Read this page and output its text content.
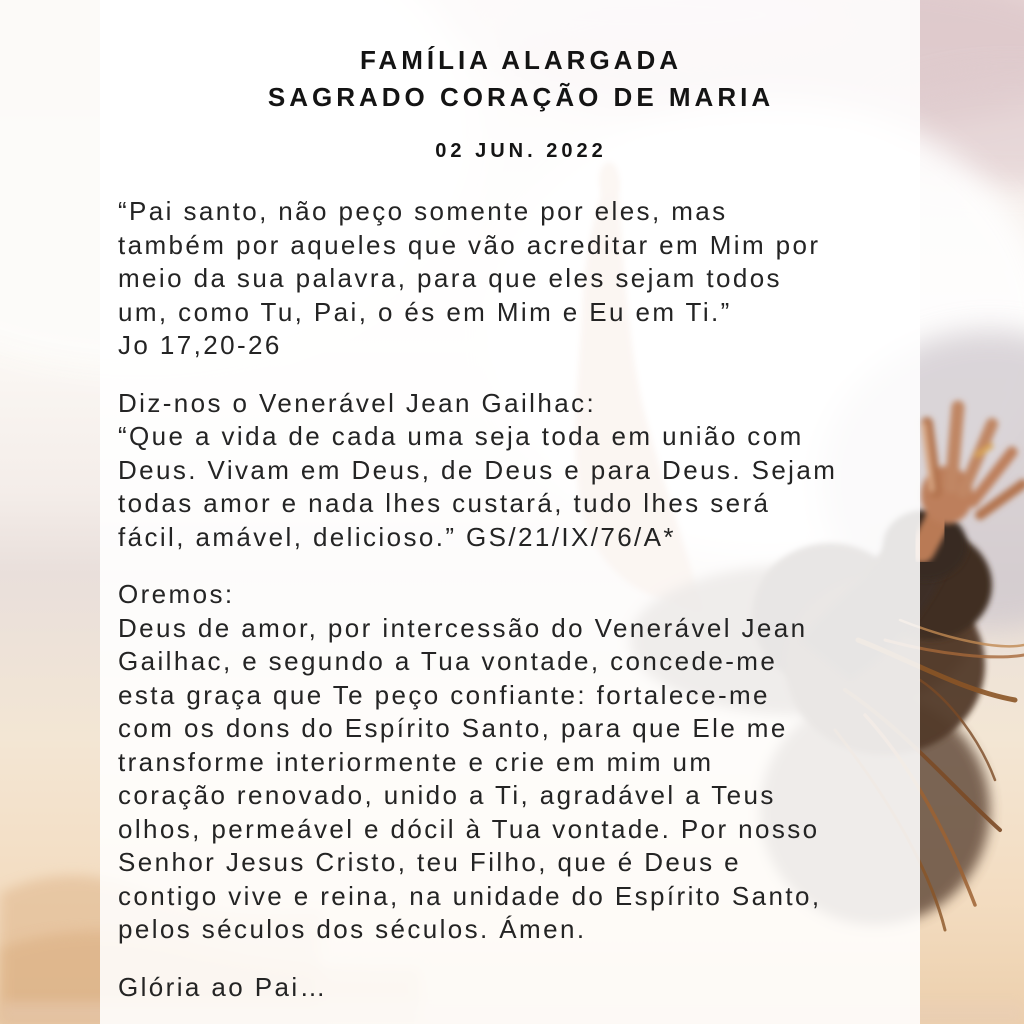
FAMÍLIA ALARGADA
SAGRADO CORAÇÃO DE MARIA
02 JUN. 2022
“Pai santo, não peço somente por eles, mas
também por aqueles que vão acreditar em Mim por
meio da sua palavra, para que eles sejam todos
um, como Tu, Pai, o és em Mim e Eu em Ti.”
Jo 17,20-26
Diz-nos o Venerável Jean Gailhac:
“Que a vida de cada uma seja toda em união com
Deus. Vivam em Deus, de Deus e para Deus. Sejam
todas amor e nada lhes custará, tudo lhes será
fácil, amável, delicioso.” GS/21/IX/76/A*
Oremos:
Deus de amor, por intercessão do Venerável Jean
Gailhac, e segundo a Tua vontade, concede-me
esta graça que Te peço confiante: fortalece-me
com os dons do Espírito Santo, para que Ele me
transforme interiormente e crie em mim um
coração renovado, unido a Ti, agradável a Teus
olhos, permeável e dócil à Tua vontade. Por nosso
Senhor Jesus Cristo, teu Filho, que é Deus e
contigo vive e reina, na unidade do Espírito Santo,
pelos séculos dos séculos. Ámen.
Glória ao Pai…
